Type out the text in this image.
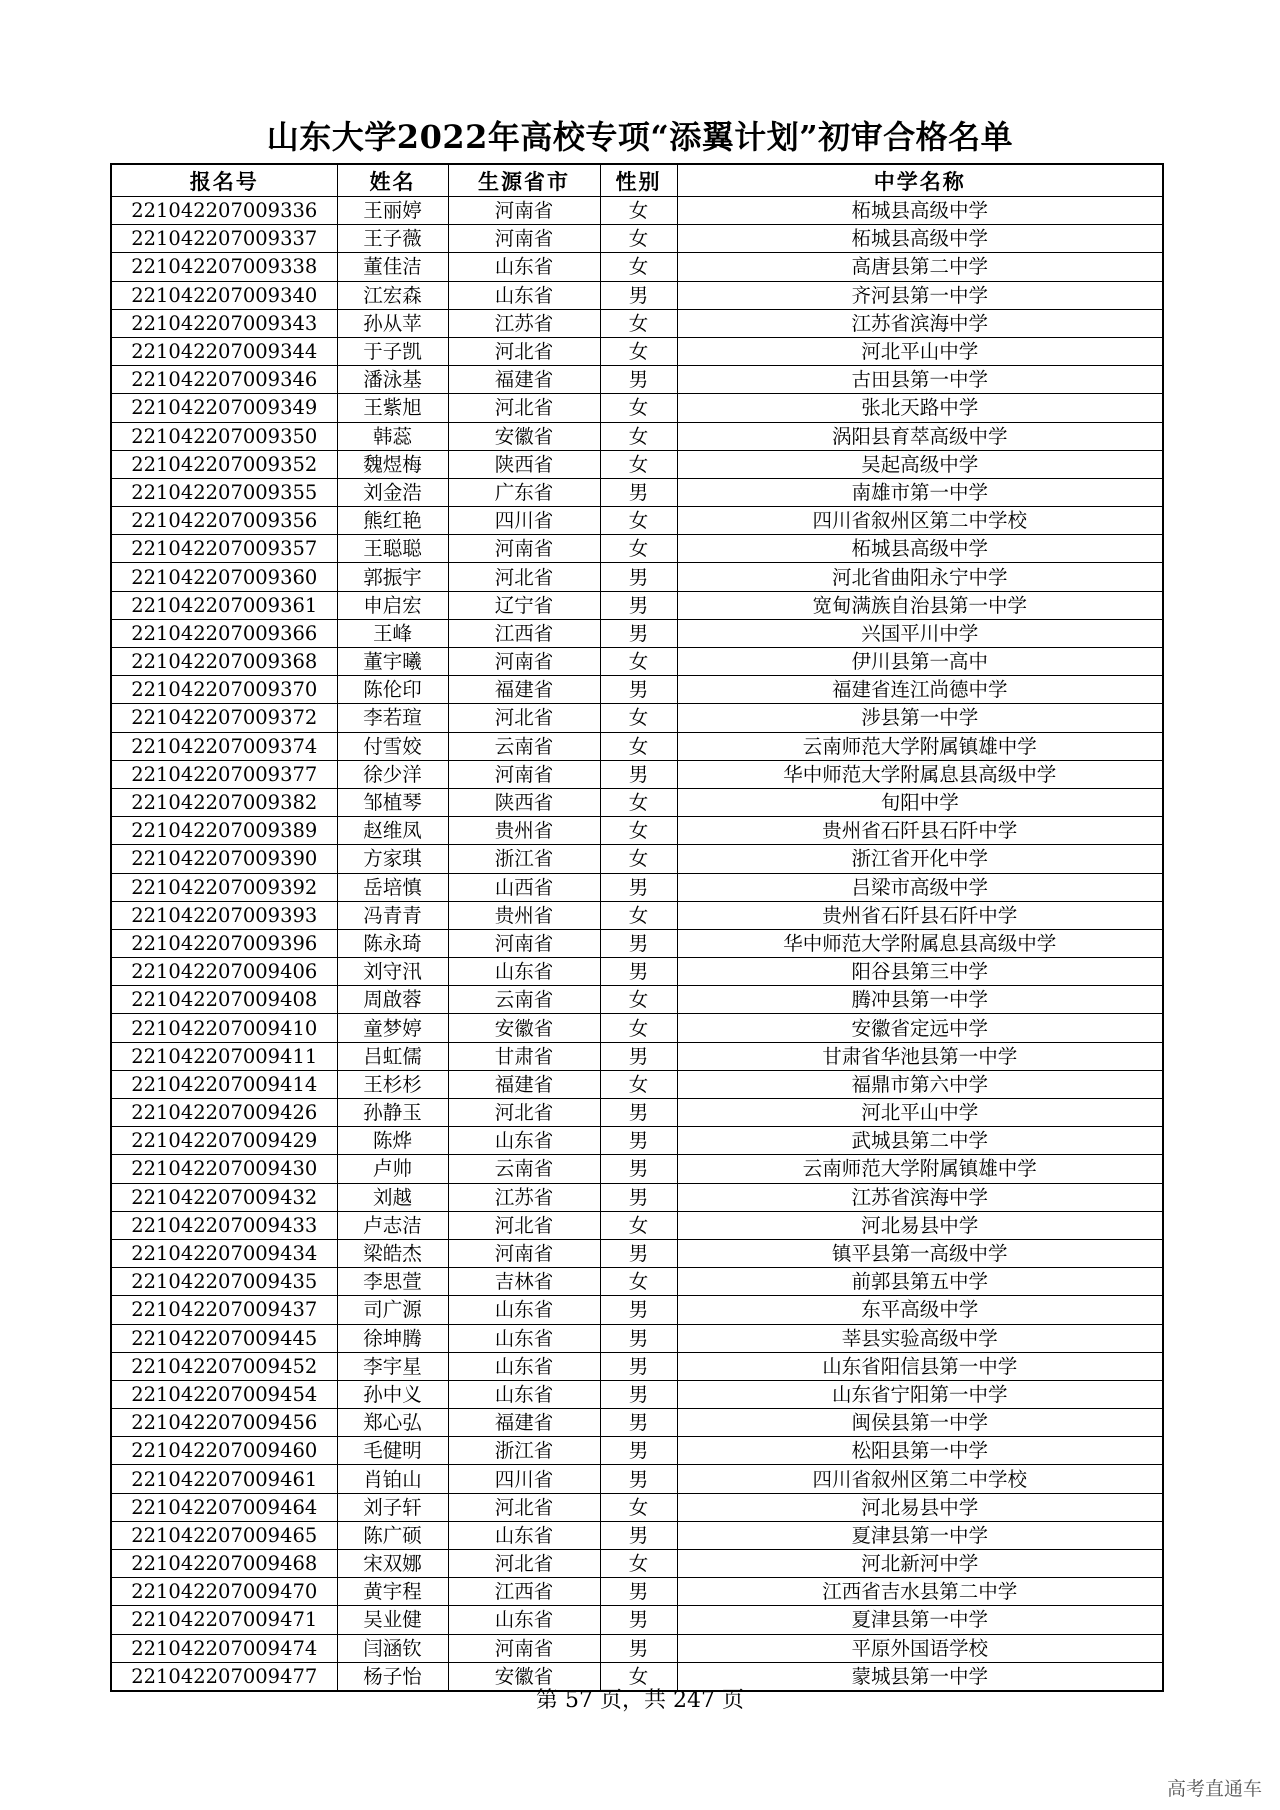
山东大学2022年高校专项“添翼计划”初审合格名单
报名号	姓名	生源省市	性别	中学名称
221042207009336	王丽婷	河南省	女	柘城县高级中学
221042207009337	王子薇	河南省	女	柘城县高级中学
221042207009338	董佳洁	山东省	女	高唐县第二中学
221042207009340	江宏森	山东省	男	齐河县第一中学
221042207009343	孙从苹	江苏省	女	江苏省滨海中学
221042207009344	于子凯	河北省	女	河北平山中学
221042207009346	潘泳基	福建省	男	古田县第一中学
221042207009349	王紫旭	河北省	女	张北天路中学
221042207009350	韩蕊	安徽省	女	涡阳县育萃高级中学
221042207009352	魏煜梅	陕西省	女	吴起高级中学
221042207009355	刘金浩	广东省	男	南雄市第一中学
221042207009356	熊红艳	四川省	女	四川省叙州区第二中学校
221042207009357	王聪聪	河南省	女	柘城县高级中学
221042207009360	郭振宇	河北省	男	河北省曲阳永宁中学
221042207009361	申启宏	辽宁省	男	宽甸满族自治县第一中学
221042207009366	王峰	江西省	男	兴国平川中学
221042207009368	董宇曦	河南省	女	伊川县第一高中
221042207009370	陈伦印	福建省	男	福建省连江尚德中学
221042207009372	李若瑄	河北省	女	涉县第一中学
221042207009374	付雪姣	云南省	女	云南师范大学附属镇雄中学
221042207009377	徐少洋	河南省	男	华中师范大学附属息县高级中学
221042207009382	邹植琴	陕西省	女	旬阳中学
221042207009389	赵维凤	贵州省	女	贵州省石阡县石阡中学
221042207009390	方家琪	浙江省	女	浙江省开化中学
221042207009392	岳培慎	山西省	男	吕梁市高级中学
221042207009393	冯青青	贵州省	女	贵州省石阡县石阡中学
221042207009396	陈永琦	河南省	男	华中师范大学附属息县高级中学
221042207009406	刘守汛	山东省	男	阳谷县第三中学
221042207009408	周啟蓉	云南省	女	腾冲县第一中学
221042207009410	童梦婷	安徽省	女	安徽省定远中学
221042207009411	吕虹儒	甘肃省	男	甘肃省华池县第一中学
221042207009414	王杉杉	福建省	女	福鼎市第六中学
221042207009426	孙静玉	河北省	男	河北平山中学
221042207009429	陈烨	山东省	男	武城县第二中学
221042207009430	卢帅	云南省	男	云南师范大学附属镇雄中学
221042207009432	刘越	江苏省	男	江苏省滨海中学
221042207009433	卢志洁	河北省	女	河北易县中学
221042207009434	梁皓杰	河南省	男	镇平县第一高级中学
221042207009435	李思萱	吉林省	女	前郭县第五中学
221042207009437	司广源	山东省	男	东平高级中学
221042207009445	徐坤腾	山东省	男	莘县实验高级中学
221042207009452	李宇星	山东省	男	山东省阳信县第一中学
221042207009454	孙中义	山东省	男	山东省宁阳第一中学
221042207009456	郑心弘	福建省	男	闽侯县第一中学
221042207009460	毛健明	浙江省	男	松阳县第一中学
221042207009461	肖铂山	四川省	男	四川省叙州区第二中学校
221042207009464	刘子轩	河北省	女	河北易县中学
221042207009465	陈广硕	山东省	男	夏津县第一中学
221042207009468	宋双娜	河北省	女	河北新河中学
221042207009470	黄宇程	江西省	男	江西省吉水县第二中学
221042207009471	吴业健	山东省	男	夏津县第一中学
221042207009474	闫涵钦	河南省	男	平原外国语学校
221042207009477	杨子怡	安徽省	女	蒙城县第一中学
第 57 页，共 247 页
高考直通车
